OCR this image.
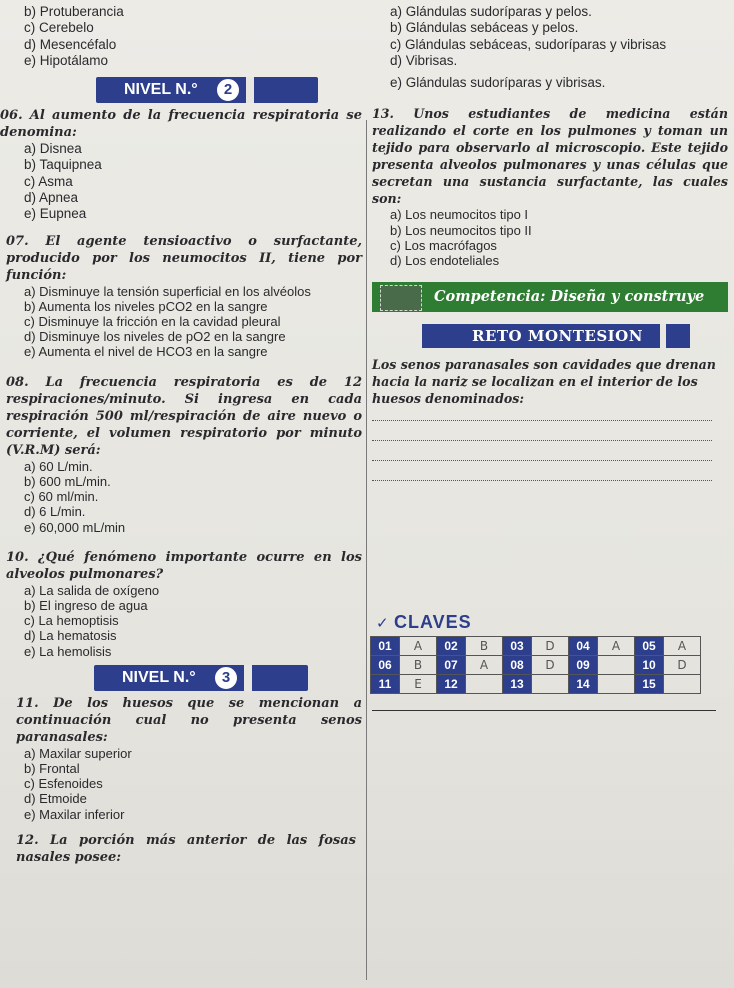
b) Protuberancia
c) Cerebelo
d) Mesencéfalo
e) Hipotálamo
NIVEL N.°	2
06. Al aumento de la frecuencia respiratoria se denomina:
a) Disnea
b) Taquipnea
c) Asma
d) Apnea
e) Eupnea
07. El agente tensioactivo o surfactante, producido por los neumocitos II, tiene por función:
a) Disminuye la tensión superficial en los alvéolos
b) Aumenta los niveles pCO2 en la sangre
c) Disminuye la fricción en la cavidad pleural
d) Disminuye los niveles de pO2 en la sangre
e) Aumenta el nivel de HCO3 en la sangre
08. La frecuencia respiratoria es de 12 respiraciones/minuto. Si ingresa en cada respiración 500 ml/respiración de aire nuevo o corriente, el volumen respiratorio por minuto (V.R.M) será:
a) 60 L/min.
b) 600 mL/min.
c) 60 ml/min.
d) 6 L/min.
e) 60,000 mL/min
10. ¿Qué fenómeno importante ocurre en los alveolos pulmonares?
a) La salida de oxígeno
b) El ingreso de agua
c) La hemoptisis
d) La hematosis
e) La hemolisis
NIVEL N.°	3
11. De los huesos que se mencionan a continuación cual no presenta senos paranasales:
a) Maxilar superior
b) Frontal
c) Esfenoides
d) Etmoide
e) Maxilar inferior
12. La porción más anterior de las fosas nasales posee:
a) Glándulas sudoríparas y pelos.
b) Glándulas sebáceas y pelos.
c) Glándulas sebáceas, sudoríparas y vibrisas
d) Vibrisas.
e) Glándulas sudoríparas y vibrisas.
13. Unos estudiantes de medicina están realizando el corte en los pulmones y toman un tejido para observarlo al microscopio. Este tejido presenta alveolos pulmonares y unas células que secretan una sustancia surfactante, las cuales son:
a) Los neumocitos tipo I
b) Los neumocitos tipo II
c) Los macrófagos
d) Los endoteliales
Competencia: Diseña y construye
RETO MONTESION
Los senos paranasales son cavidades que drenan hacia la nariz se localizan en el interior de los huesos denominados:
✓ CLAVES
01	A	02	B	03	D	04	A	05	A
06	B	07	A	08	D	09		10	D
11	E	12		13		14		15	
